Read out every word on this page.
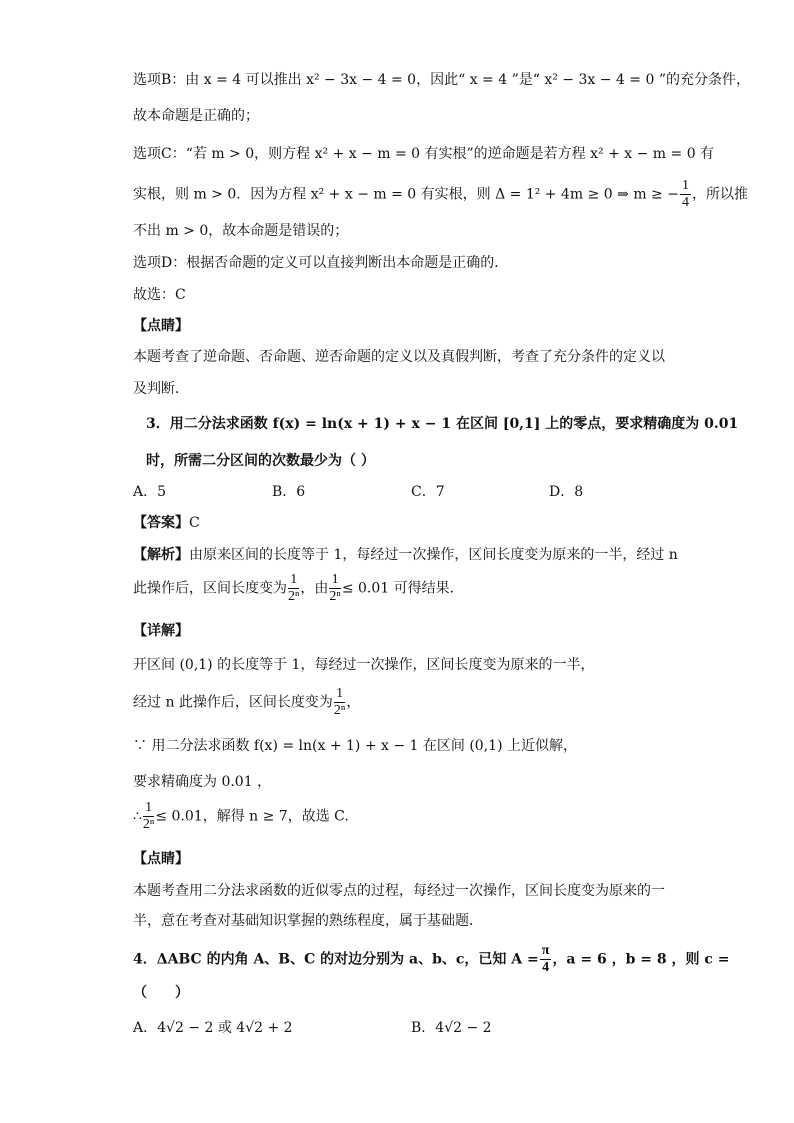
选项B：由 x = 4 可以推出 x² − 3x − 4 = 0，因此“ x = 4 ”是“ x² − 3x − 4 = 0 ”的充分条件，
故本命题是正确的；
选项C：“若 m > 0，则方程 x² + x − m = 0 有实根”的逆命题是若方程 x² + x − m = 0 有
实根，则 m > 0．因为方程 x² + x − m = 0 有实根，则 Δ = 1² + 4m ≥ 0 ⇒ m ≥ − $\frac{1}{4}$ ，所以推
不出 m > 0，故本命题是错误的；
选项D：根据否命题的定义可以直接判断出本命题是正确的．
故选：C
【点睛】
本题考查了逆命题、否命题、逆否命题的定义以及真假判断，考查了充分条件的定义以
及判断．
3．用二分法求函数 f(x) = ln(x + 1) + x − 1 在区间 [0,1] 上的零点，要求精确度为 0.01
时，所需二分区间的次数最少为（ ）
A．5	B．6	C．7	D．8
【答案】C
【解析】由原来区间的长度等于 1，每经过一次操作，区间长度变为原来的一半，经过 n
此操作后，区间长度变为 $\frac{1}{\text{2ⁿ}}$ ，由 $\frac{1}{\text{2ⁿ}} \le 0.01$ 可得结果．
【详解】
开区间 (0,1) 的长度等于 1，每经过一次操作，区间长度变为原来的一半，
经过 n 此操作后，区间长度变为 $\frac{1}{\text{2ⁿ}}$ ，
∵ 用二分法求函数 f(x) = ln(x + 1) + x − 1 在区间 (0,1) 上近似解，
要求精确度为 0.01 ，
∴ $\frac{1}{\text{2ⁿ}} \le 0.01$，解得 n ≥ 7，故选 C.
【点睛】
本题考查用二分法求函数的近似零点的过程，每经过一次操作，区间长度变为原来的一
半，意在考查对基础知识掌握的熟练程度，属于基础题．
4．ΔABC 的内角 A、B、C 的对边分别为 a、b、c，已知 $A = \frac{\pi}{4}$ ，a = 6 ，b = 8 ，则 c =
（　　）
A．4√2 − 2 或 4√2 + 2	B．4√2 − 2
